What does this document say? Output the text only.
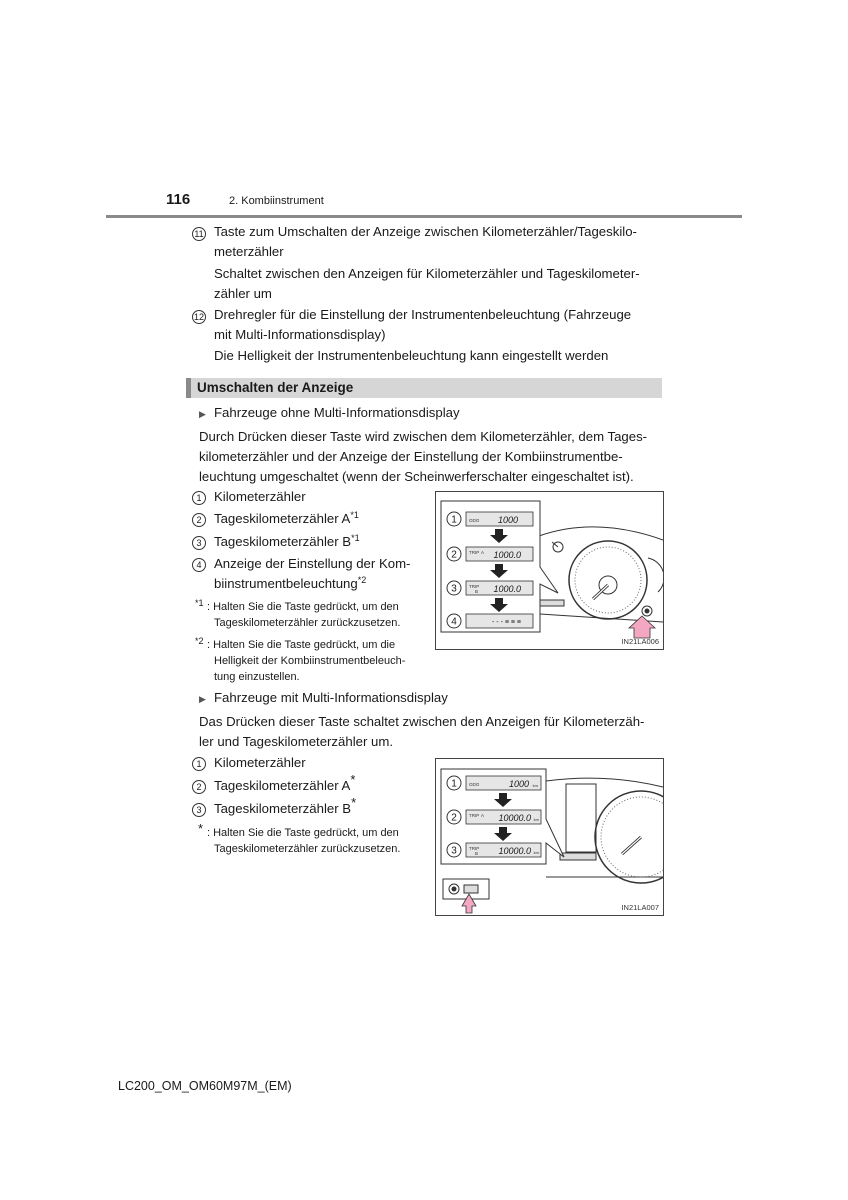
116	2. Kombiinstrument
11 Taste zum Umschalten der Anzeige zwischen Kilometerzähler/Tageskilo-
meterzähler
Schaltet zwischen den Anzeigen für Kilometerzähler und Tageskilometer-
zähler um
12 Drehregler für die Einstellung der Instrumentenbeleuchtung (Fahrzeuge
mit Multi-Informationsdisplay)
Die Helligkeit der Instrumentenbeleuchtung kann eingestellt werden
Umschalten der Anzeige
▶ Fahrzeuge ohne Multi-Informationsdisplay
Durch Drücken dieser Taste wird zwischen dem Kilometerzähler, dem Tages-
kilometerzähler und der Anzeige der Einstellung der Kombiinstrumentbe-
leuchtung umgeschaltet (wenn der Scheinwerferschalter eingeschaltet ist).
1 Kilometerzähler
2 Tageskilometerzähler $A^{*1}$
3 Tageskilometerzähler $B^{*1}$
4 Anzeige der Einstellung der Kom-
biinstrumentbeleuchtung$^{*2}$
$^{*1}$ : Halten Sie die Taste gedrückt, um den
Tageskilometerzähler zurückzusetzen.
$^{*2}$ : Halten Sie die Taste gedrückt, um die
Helligkeit der Kombiinstrumentbeleuch-
tung einzustellen.
1	ODO 1000
2	TRIP A 1000.0
3	TRIP
B 1000.0
4	- - - ≡ ≡ ≡
IN21LA006
▶ Fahrzeuge mit Multi-Informationsdisplay
Das Drücken dieser Taste schaltet zwischen den Anzeigen für Kilometerzäh-
ler und Tageskilometerzähler um.
1 Kilometerzähler
2 Tageskilometerzähler A*
3 Tageskilometerzähler B*
* : Halten Sie die Taste gedrückt, um den
Tageskilometerzähler zurückzusetzen.
1	ODO	1000 km
2	TRIP A 10000.0 km
3	TRIP
B 10000.0 km
IN21LA007
LC200_OM_OM60M97M_(EM)
